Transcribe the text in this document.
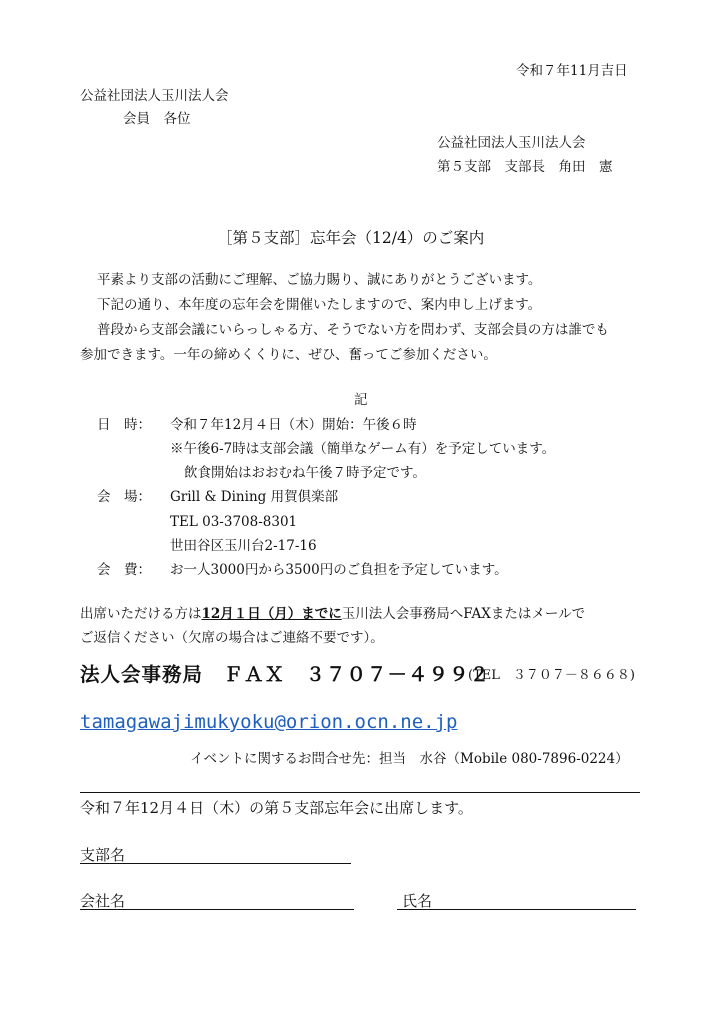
令和７年11月吉日
公益社団法人玉川法人会
会員　各位
公益社団法人玉川法人会
第５支部　支部長　角田　憲
［第５支部］忘年会（12/4）のご案内
平素より支部の活動にご理解、ご協力賜り、誠にありがとうございます。
下記の通り、本年度の忘年会を開催いたしますので、案内申し上げます。
普段から支部会議にいらっしゃる方、そうでない方を問わず、支部会員の方は誰でも
参加できます。一年の締めくくりに、ぜひ、奮ってご参加ください。
記
日　時： 令和７年12月４日（木）開始：午後６時
※午後6-7時は支部会議（簡単なゲーム有）を予定しています。
飲食開始はおおむね午後７時予定です。
会　場： Grill & Dining 用賀倶楽部
TEL 03-3708-8301
世田谷区玉川台2-17-16
会　費： お一人3000円から3500円のご負担を予定しています。
出席いただける方は12月１日（月）までに玉川法人会事務局へFAXまたはメールで
ご返信ください（欠席の場合はご連絡不要です）。
法人会事務局　ＦＡＸ　３７０７－４９９２
(TEL　３７０７－８６６８)
tamagawajimukyoku@orion.ocn.ne.jp
イベントに関するお問合せ先：担当　水谷（Mobile 080-7896-0224）
令和７年12月４日（木）の第５支部忘年会に出席します。
支部名
会社名	氏名
